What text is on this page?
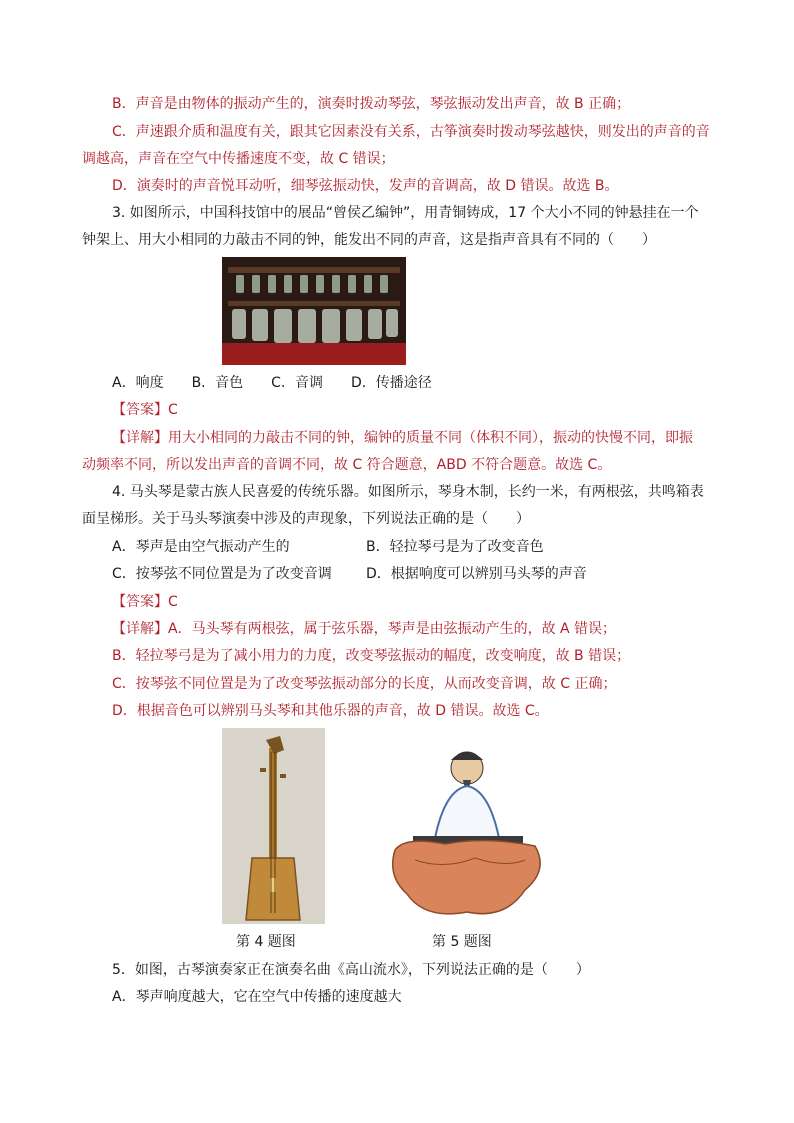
B．声音是由物体的振动产生的，演奏时拨动琴弦，琴弦振动发出声音，故 B 正确；
C．声速跟介质和温度有关，跟其它因素没有关系，古筝演奏时拨动琴弦越快，则发出的声音的音
调越高，声音在空气中传播速度不变，故 C 错误；
D．演奏时的声音悦耳动听，细琴弦振动快，发声的音调高，故 D 错误。故选 B。
3. 如图所示，中国科技馆中的展品“曾侯乙编钟”，用青铜铸成，17 个大小不同的钟悬挂在一个
钟架上、用大小相同的力敲击不同的钟，能发出不同的声音，这是指声音具有不同的（　　）
A．响度　　B．音色　　C．音调　　D．传播途径
【答案】C
【详解】用大小相同的力敲击不同的钟，编钟的质量不同（体积不同），振动的快慢不同，即振
动频率不同，所以发出声音的音调不同，故 C 符合题意，ABD 不符合题意。故选 C。
4. 马头琴是蒙古族人民喜爱的传统乐器。如图所示，琴身木制，长约一米，有两根弦，共鸣箱表
面呈梯形。关于马头琴演奏中涉及的声现象，下列说法正确的是（　　）
A．琴声是由空气振动产生的	B．轻拉琴弓是为了改变音色
C．按琴弦不同位置是为了改变音调 D．根据响度可以辨别马头琴的声音
【答案】C
【详解】A．马头琴有两根弦，属于弦乐器，琴声是由弦振动产生的，故 A 错误；
B．轻拉琴弓是为了减小用力的力度，改变琴弦振动的幅度，改变响度，故 B 错误；
C．按琴弦不同位置是为了改变琴弦振动部分的长度，从而改变音调，故 C 正确；
D．根据音色可以辨别马头琴和其他乐器的声音，故 D 错误。故选 C。
第 4 题图	第 5 题图
5．如图，古琴演奏家正在演奏名曲《高山流水》，下列说法正确的是（　　）
A．琴声响度越大，它在空气中传播的速度越大
